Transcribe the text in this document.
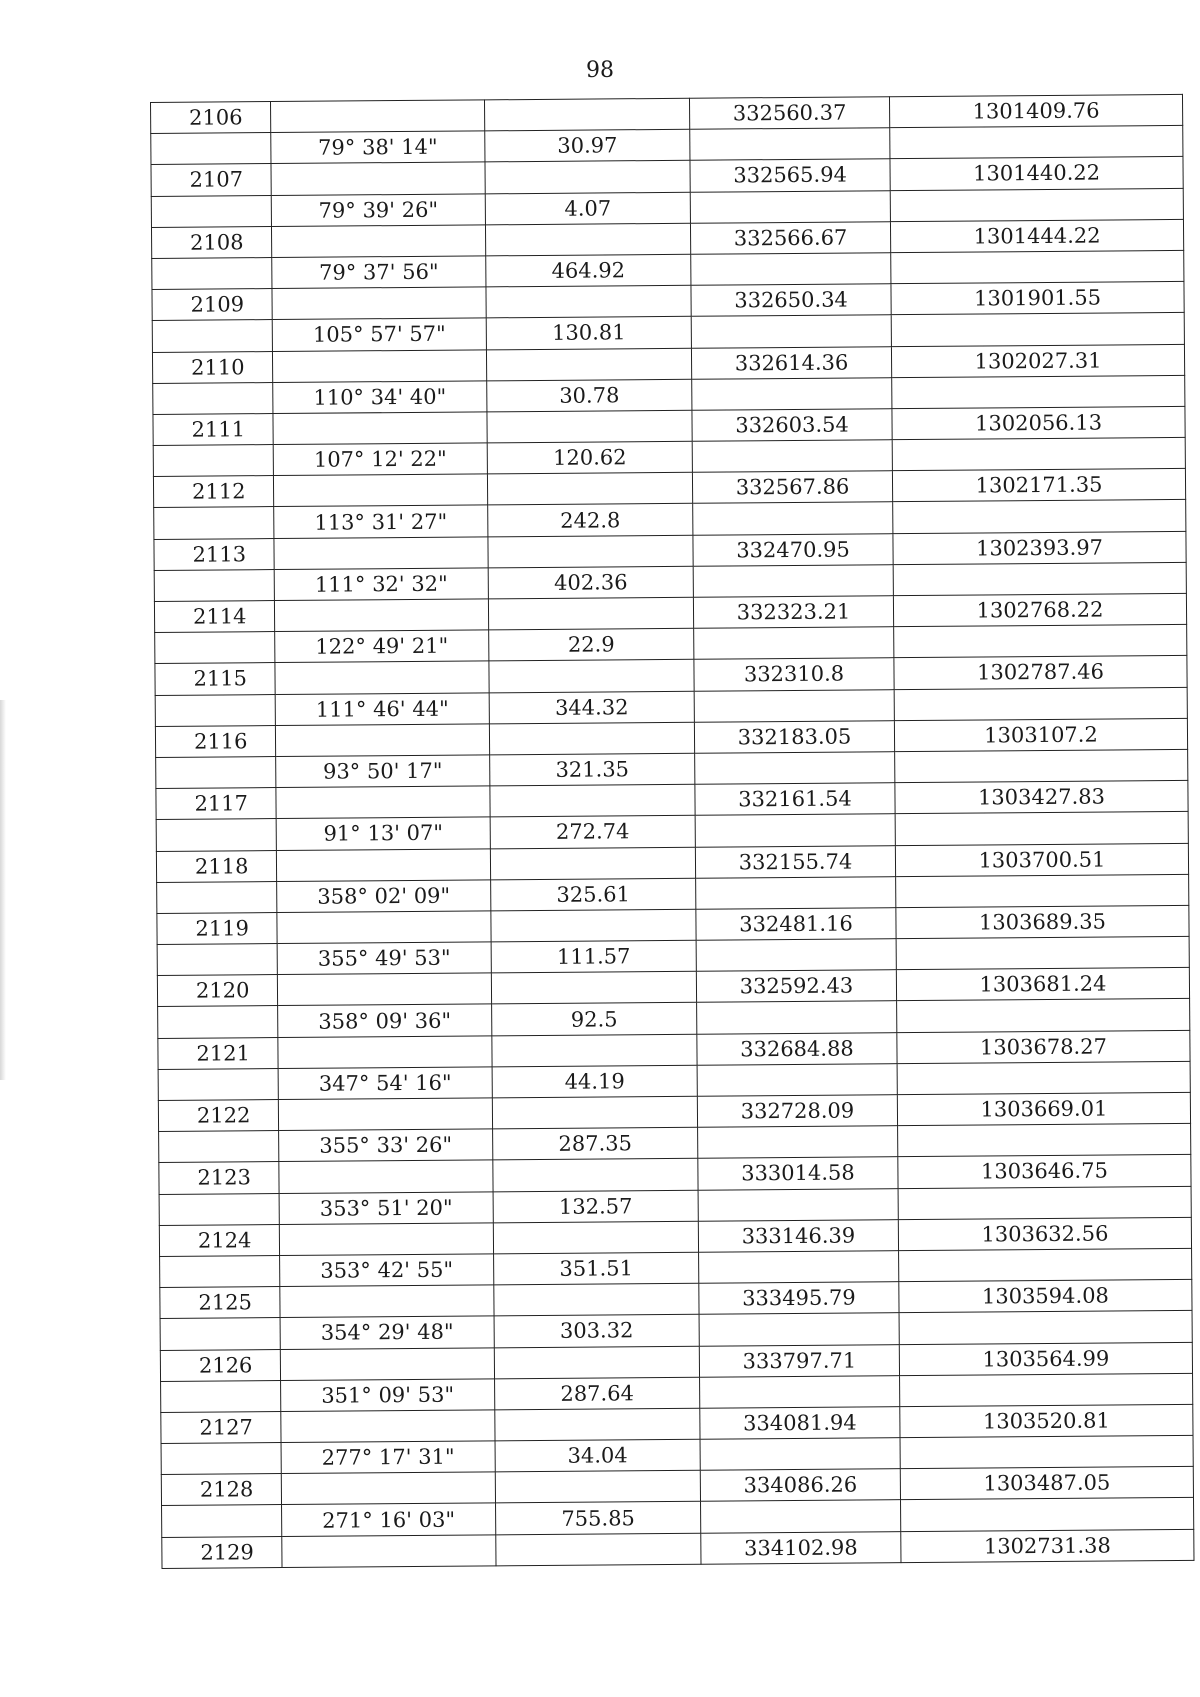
98
2106			332560.37	1301409.76
	79° 38' 14"	30.97		
2107			332565.94	1301440.22
	79° 39' 26"	4.07		
2108			332566.67	1301444.22
	79° 37' 56"	464.92		
2109			332650.34	1301901.55
	105° 57' 57"	130.81		
2110			332614.36	1302027.31
	110° 34' 40"	30.78		
2111			332603.54	1302056.13
	107° 12' 22"	120.62		
2112			332567.86	1302171.35
	113° 31' 27"	242.8		
2113			332470.95	1302393.97
	111° 32' 32"	402.36		
2114			332323.21	1302768.22
	122° 49' 21"	22.9		
2115			332310.8	1302787.46
	111° 46' 44"	344.32		
2116			332183.05	1303107.2
	93° 50' 17"	321.35		
2117			332161.54	1303427.83
	91° 13' 07"	272.74		
2118			332155.74	1303700.51
	358° 02' 09"	325.61		
2119			332481.16	1303689.35
	355° 49' 53"	111.57		
2120			332592.43	1303681.24
	358° 09' 36"	92.5		
2121			332684.88	1303678.27
	347° 54' 16"	44.19		
2122			332728.09	1303669.01
	355° 33' 26"	287.35		
2123			333014.58	1303646.75
	353° 51' 20"	132.57		
2124			333146.39	1303632.56
	353° 42' 55"	351.51		
2125			333495.79	1303594.08
	354° 29' 48"	303.32		
2126			333797.71	1303564.99
	351° 09' 53"	287.64		
2127			334081.94	1303520.81
	277° 17' 31"	34.04		
2128			334086.26	1303487.05
	271° 16' 03"	755.85		
2129			334102.98	1302731.38
